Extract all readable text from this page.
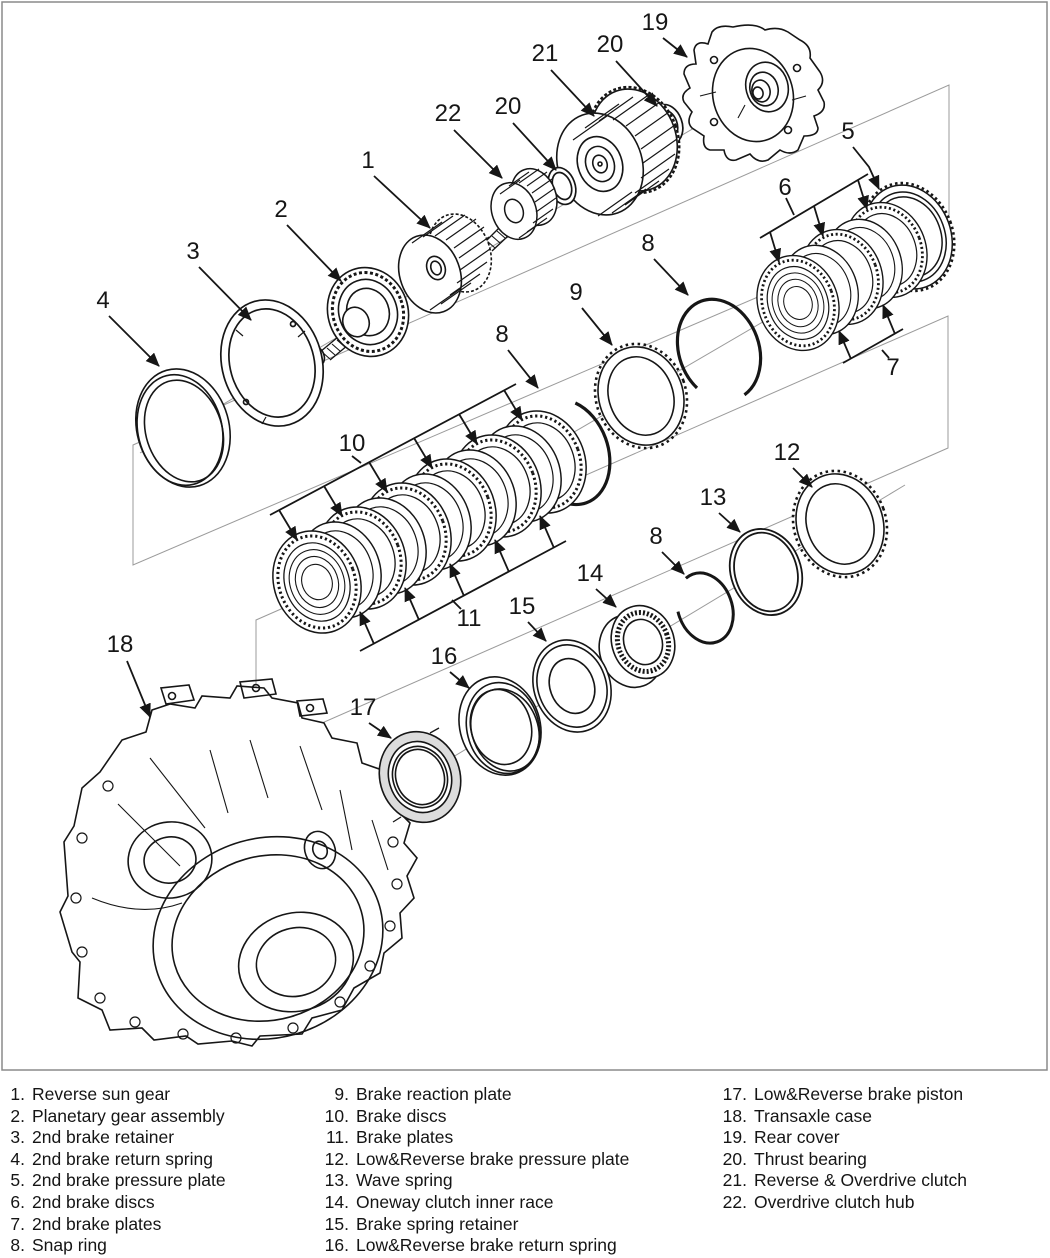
1
2
3
4
5
6
7
8
9
8
10
11
12
13
8
14
15
16
17
18
19
20
21
20
22
1. Reverse sun gear
2. Planetary gear assembly
3. 2nd brake retainer
4. 2nd brake return spring
5. 2nd brake pressure plate
6. 2nd brake discs
7. 2nd brake plates
8. Snap ring
9. Brake reaction plate
10. Brake discs
11. Brake plates
12. Low&Reverse brake pressure plate
13. Wave spring
14. Oneway clutch inner race
15. Brake spring retainer
16. Low&Reverse brake return spring
17. Low&Reverse brake piston
18. Transaxle case
19. Rear cover
20. Thrust bearing
21. Reverse & Overdrive clutch
22. Overdrive clutch hub
